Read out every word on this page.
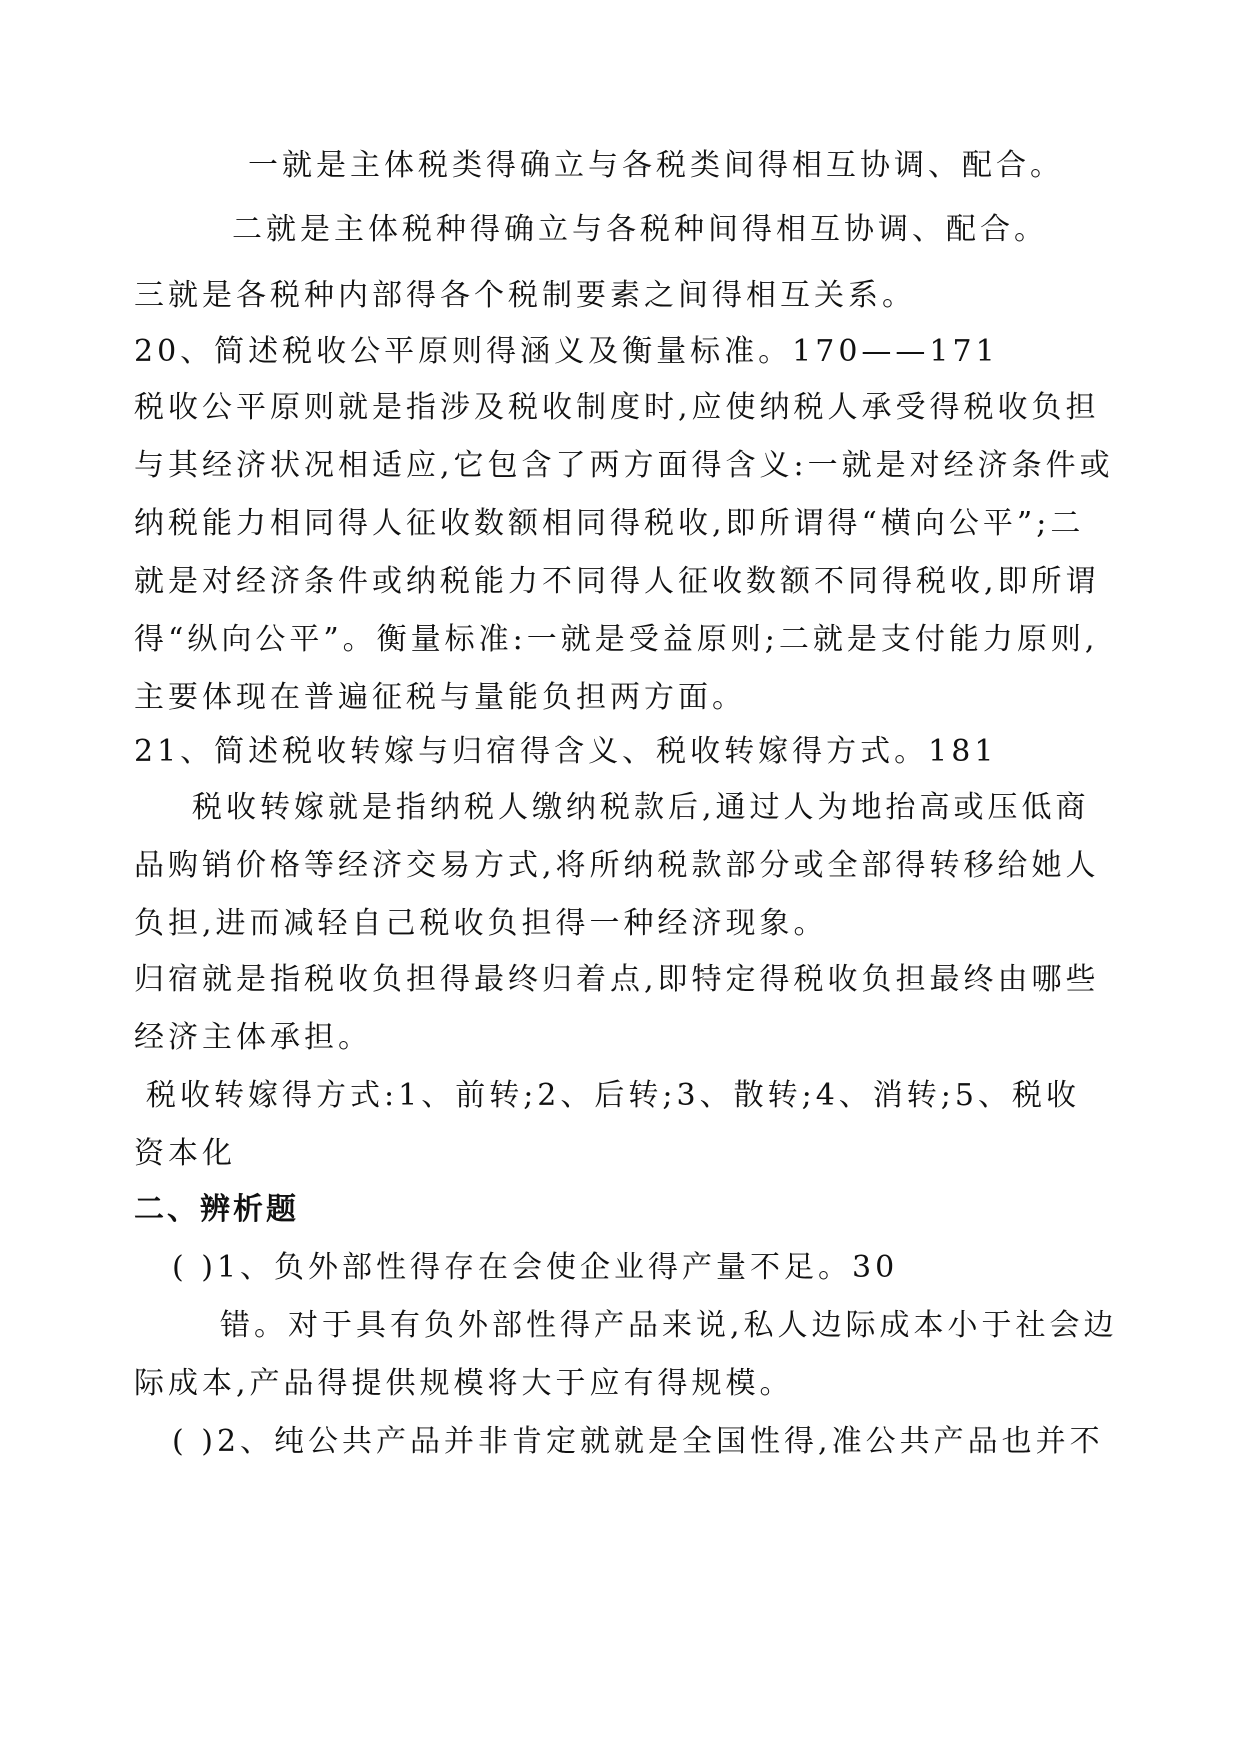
一就是主体税类得确立与各税类间得相互协调、配合。
二就是主体税种得确立与各税种间得相互协调、配合。
三就是各税种内部得各个税制要素之间得相互关系。
20、简述税收公平原则得涵义及衡量标准。170——171
税收公平原则就是指涉及税收制度时,应使纳税人承受得税收负担
与其经济状况相适应,它包含了两方面得含义:一就是对经济条件或
纳税能力相同得人征收数额相同得税收,即所谓得“横向公平”;二
就是对经济条件或纳税能力不同得人征收数额不同得税收,即所谓
得“纵向公平”。衡量标准:一就是受益原则;二就是支付能力原则,
主要体现在普遍征税与量能负担两方面。
21、简述税收转嫁与归宿得含义、税收转嫁得方式。181
税收转嫁就是指纳税人缴纳税款后,通过人为地抬高或压低商
品购销价格等经济交易方式,将所纳税款部分或全部得转移给她人
负担,进而减轻自己税收负担得一种经济现象。
归宿就是指税收负担得最终归着点,即特定得税收负担最终由哪些
经济主体承担。
税收转嫁得方式:1、前转;2、后转;3、散转;4、消转;5、税收
资本化
二、辨析题
( )1、负外部性得存在会使企业得产量不足。30
错。对于具有负外部性得产品来说,私人边际成本小于社会边
际成本,产品得提供规模将大于应有得规模。
( )2、纯公共产品并非肯定就就是全国性得,准公共产品也并不
